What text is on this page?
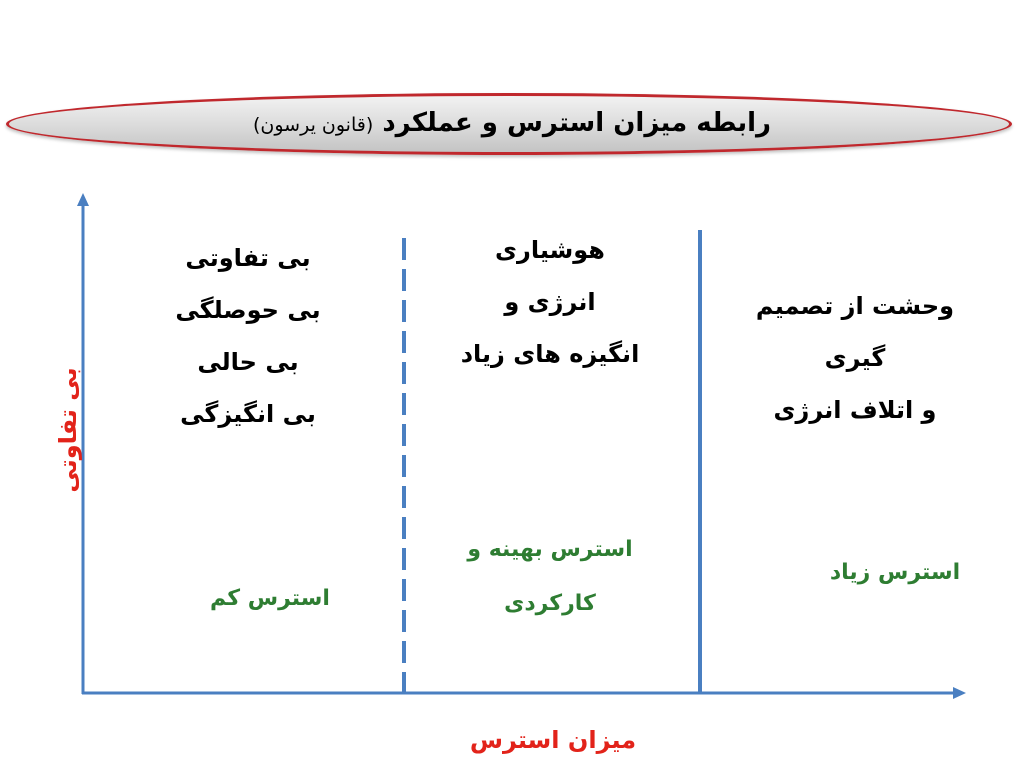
رابطه میزان استرس و عملکرد (قانون یرسون)
بی تفاوتی
میزان استرس
بی تفاوتی
بی حوصلگی
بی حالی
بی انگیزگی
استرس کم
هوشیاری
انرژی و
انگیزه های زیاد
استرس بهینه و
کارکردی
وحشت از تصمیم
گیری
و اتلاف انرژی
استرس زیاد
